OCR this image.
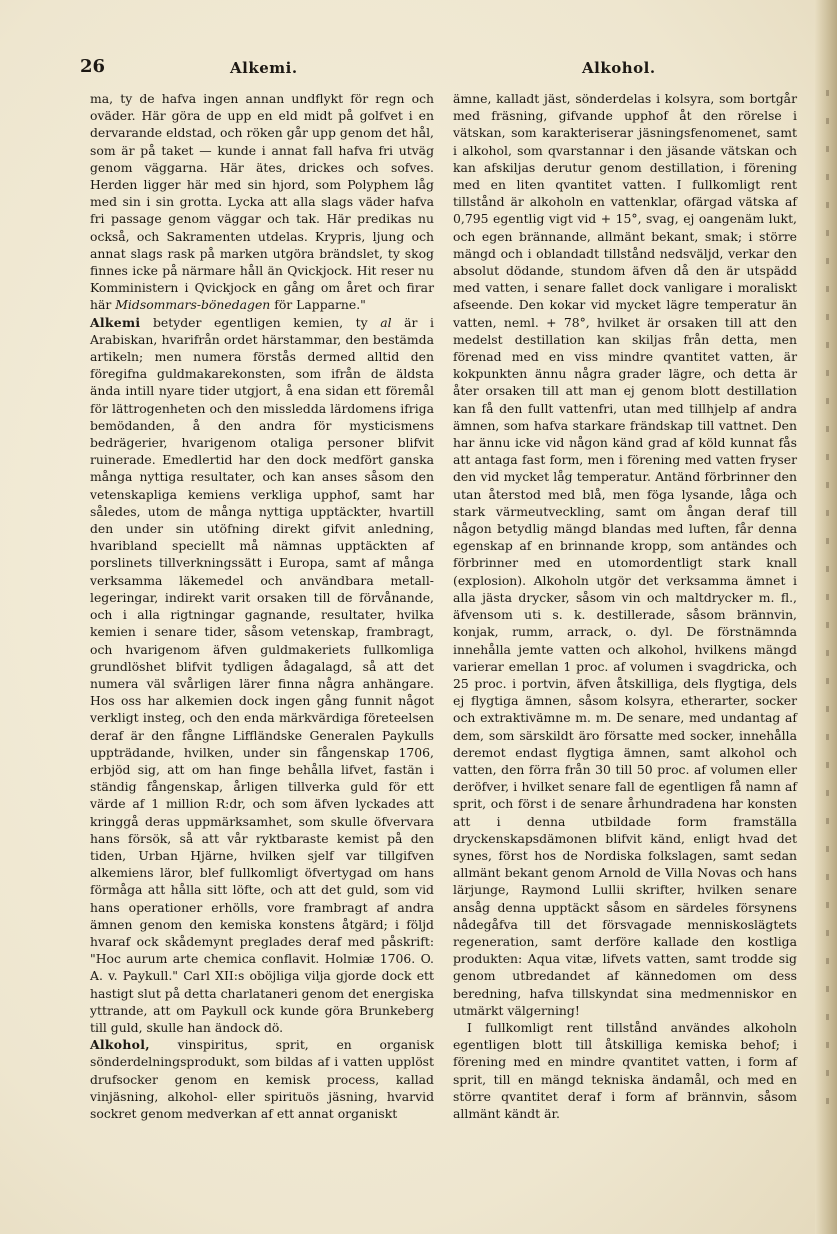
26	Alkemi.	Alkohol.

ma, ty de hafva ingen annan undflykt för regn och oväder. Här göra de upp en eld midt på golfvet i en dervarande eldstad, och röken går upp genom det hål, som är på taket — kunde i annat fall hafva fri utväg genom väggarna. Här ätes, drickes och sofves. Herden ligger här med sin hjord, som Polyphem låg med sin i sin grotta. Lycka att alla slags väder hafva fri passage genom väggar och tak. Här predikas nu också, och Sakramenten utdelas. Krypris, ljung och annat slags rask på marken utgöra brändslet, ty skog finnes icke på närmare håll än Qvickjock. Hit reser nu Komministern i Qvickjock en gång om året och firar här Midsommars-bönedagen för Lapparne."

Alkemi betyder egentligen kemien, ty al är i Arabiskan, hvarifrån ordet härstammar, den bestämda artikeln; men numera förstås dermed alltid den föregifna guldmakarekonsten, som ifrån de äldsta ända intill nyare tider utgjort, å ena sidan ett föremål för lättrogenheten och den missledda lärdomens ifriga bemödanden, å den andra för mysticismens bedrägerier, hvarigenom otaliga personer blifvit ruinerade. Emedlertid har den dock medfört ganska många nyttiga resultater, och kan anses såsom den vetenskapliga kemiens verkliga upphof, samt har således, utom de många nyttiga upptäckter, hvartill den under sin utöfning direkt gifvit anledning, hvaribland speciellt må nämnas upptäckten af porslinets tillverkningssätt i Europa, samt af många verksamma läkemedel och användbara metall-legeringar, indirekt varit orsaken till de förvånande, och i alla rigtningar gagnande, resultater, hvilka kemien i senare tider, såsom vetenskap, frambragt, och hvarigenom äfven guldmakeriets fullkomliga grundlöshet blifvit tydligen ådagalagd, så att det numera väl svårligen lärer finna några anhängare. Hos oss har alkemien dock ingen gång funnit något verkligt insteg, och den enda märkvärdiga företeelsen deraf är den fångne Liffländske Generalen Paykulls uppträdande, hvilken, under sin fångenskap 1706, erbjöd sig, att om han finge behålla lifvet, fastän i ständig fångenskap, årligen tillverka guld för ett värde af 1 million R:dr, och som äfven lyckades att kringgå deras uppmärksamhet, som skulle öfvervara hans försök, så att vår ryktbaraste kemist på den tiden, Urban Hjärne, hvilken sjelf var tillgifven alkemiens läror, blef fullkomligt öfvertygad om hans förmåga att hålla sitt löfte, och att det guld, som vid hans operationer erhölls, vore frambragt af andra ämnen genom den kemiska konstens åtgärd; i följd hvaraf ock skådemynt preglades deraf med påskrift: "Hoc aurum arte chemica conflavit. Holmiæ 1706. O. A. v. Paykull." Carl XII:s oböjliga vilja gjorde dock ett hastigt slut på detta charlataneri genom det energiska yttrande, att om Paykull ock kunde göra Brunkeberg till guld, skulle han ändock dö.

Alkohol, vinspiritus, sprit, en organisk sönderdelningsprodukt, som bildas af i vatten upplöst drufsocker genom en kemisk process, kallad vinjäsning, alkohol- eller spirituös jäsning, hvarvid sockret genom medverkan af ett annat organiskt

ämne, kalladt jäst, sönderdelas i kolsyra, som bortgår med fräsning, gifvande upphof åt den rörelse i vätskan, som karakteriserar jäsningsfenomenet, samt i alkohol, som qvarstannar i den jäsande vätskan och kan afskiljas derutur genom destillation, i förening med en liten qvantitet vatten. I fullkomligt rent tillstånd är alkoholn en vattenklar, ofärgad vätska af 0,795 egentlig vigt vid + 15°, svag, ej oangenäm lukt, och egen brännande, allmänt bekant, smak; i större mängd och i oblandadt tillstånd nedsväljd, verkar den absolut dödande, stundom äfven då den är utspädd med vatten, i senare fallet dock vanligare i moraliskt afseende. Den kokar vid mycket lägre temperatur än vatten, neml. + 78°, hvilket är orsaken till att den medelst destillation kan skiljas från detta, men förenad med en viss mindre qvantitet vatten, är kokpunkten ännu några grader lägre, och detta är åter orsaken till att man ej genom blott destillation kan få den fullt vattenfri, utan med tillhjelp af andra ämnen, som hafva starkare frändskap till vattnet. Den har ännu icke vid någon känd grad af köld kunnat fås att antaga fast form, men i förening med vatten fryser den vid mycket låg temperatur. Antänd förbrinner den utan återstod med blå, men föga lysande, låga och stark värmeutveckling, samt om ångan deraf till någon betydlig mängd blandas med luften, får denna egenskap af en brinnande kropp, som antändes och förbrinner med en utomordentligt stark knall (explosion). Alkoholn utgör det verksamma ämnet i alla jästa drycker, såsom vin och maltdrycker m. fl., äfvensom uti s. k. destillerade, såsom brännvin, konjak, rumm, arrack, o. dyl. De förstnämnda innehålla jemte vatten och alkohol, hvilkens mängd varierar emellan 1 proc. af volumen i svagdricka, och 25 proc. i portvin, äfven åtskilliga, dels flygtiga, dels ej flygtiga ämnen, såsom kolsyra, etherarter, socker och extraktivämne m. m. De senare, med undantag af dem, som särskildt äro försatte med socker, innehålla deremot endast flygtiga ämnen, samt alkohol och vatten, den förra från 30 till 50 proc. af volumen eller deröfver, i hvilket senare fall de egentligen få namn af sprit, och först i de senare århundradena har konsten att i denna utbildade form framställa dryckenskapsdämonen blifvit känd, enligt hvad det synes, först hos de Nordiska folkslagen, samt sedan allmänt bekant genom Arnold de Villa Novas och hans lärjunge, Raymond Lullii skrifter, hvilken senare ansåg denna upptäckt såsom en särdeles försynens nådegåfva till det försvagade menniskoslägtets regeneration, samt derföre kallade den kostliga produkten: Aqua vitæ, lifvets vatten, samt trodde sig genom utbredandet af kännedomen om dess beredning, hafva tillskyndat sina medmenniskor en utmärkt välgerning!

I fullkomligt rent tillstånd användes alkoholn egentligen blott till åtskilliga kemiska behof; i förening med en mindre qvantitet vatten, i form af sprit, till en mängd tekniska ändamål, och med en större qvantitet deraf i form af brännvin, såsom allmänt kändt är.
